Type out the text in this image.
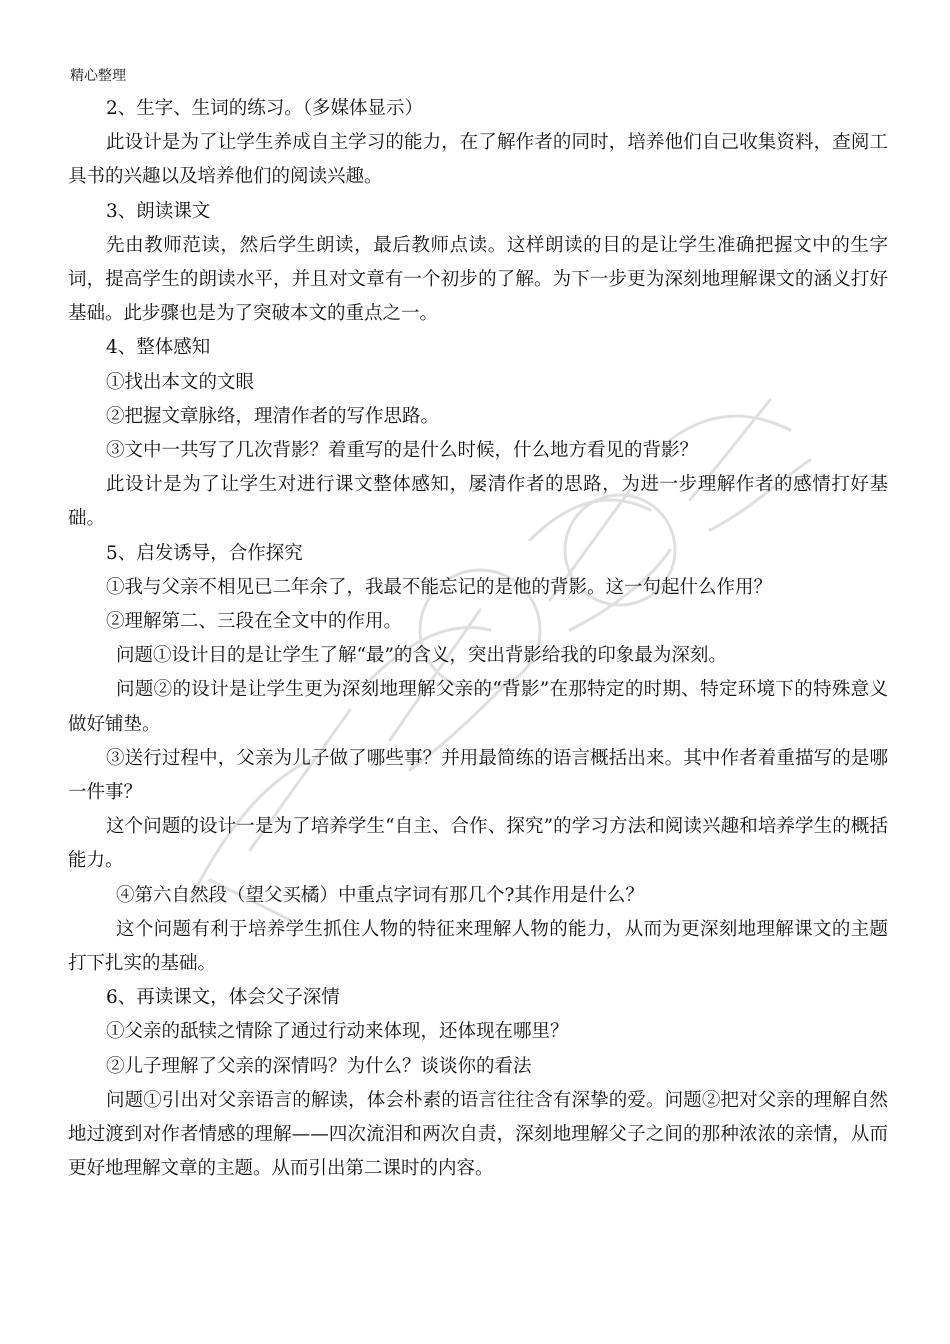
精心整理

2、生字、生词的练习。（多媒体显示）

此设计是为了让学生养成自主学习的能力，在了解作者的同时，培养他们自己收集资料，查阅工具书的兴趣以及培养他们的阅读兴趣。

3、朗读课文

先由教师范读，然后学生朗读，最后教师点读。这样朗读的目的是让学生准确把握文中的生字词，提高学生的朗读水平，并且对文章有一个初步的了解。为下一步更为深刻地理解课文的涵义打好基础。此步骤也是为了突破本文的重点之一。

4、整体感知

①找出本文的文眼

②把握文章脉络，理清作者的写作思路。

③文中一共写了几次背影？着重写的是什么时候，什么地方看见的背影？

此设计是为了让学生对进行课文整体感知，屡清作者的思路，为进一步理解作者的感情打好基础。

5、启发诱导，合作探究

①我与父亲不相见已二年余了，我最不能忘记的是他的背影。这一句起什么作用？

②理解第二、三段在全文中的作用。

问题①设计目的是让学生了解“最”的含义，突出背影给我的印象最为深刻。

问题②的设计是让学生更为深刻地理解父亲的“背影”在那特定的时期、特定环境下的特殊意义做好铺垫。

③送行过程中，父亲为儿子做了哪些事？并用最简练的语言概括出来。其中作者着重描写的是哪一件事？

这个问题的设计一是为了培养学生“自主、合作、探究”的学习方法和阅读兴趣和培养学生的概括能力。

④第六自然段（望父买橘）中重点字词有那几个?其作用是什么？

这个问题有利于培养学生抓住人物的特征来理解人物的能力，从而为更深刻地理解课文的主题打下扎实的基础。

6、再读课文，体会父子深情

①父亲的舐犊之情除了通过行动来体现，还体现在哪里？

②儿子理解了父亲的深情吗？为什么？谈谈你的看法

问题①引出对父亲语言的解读，体会朴素的语言往往含有深挚的爱。问题②把对父亲的理解自然地过渡到对作者情感的理解——四次流泪和两次自责，深刻地理解父子之间的那种浓浓的亲情，从而更好地理解文章的主题。从而引出第二课时的内容。
